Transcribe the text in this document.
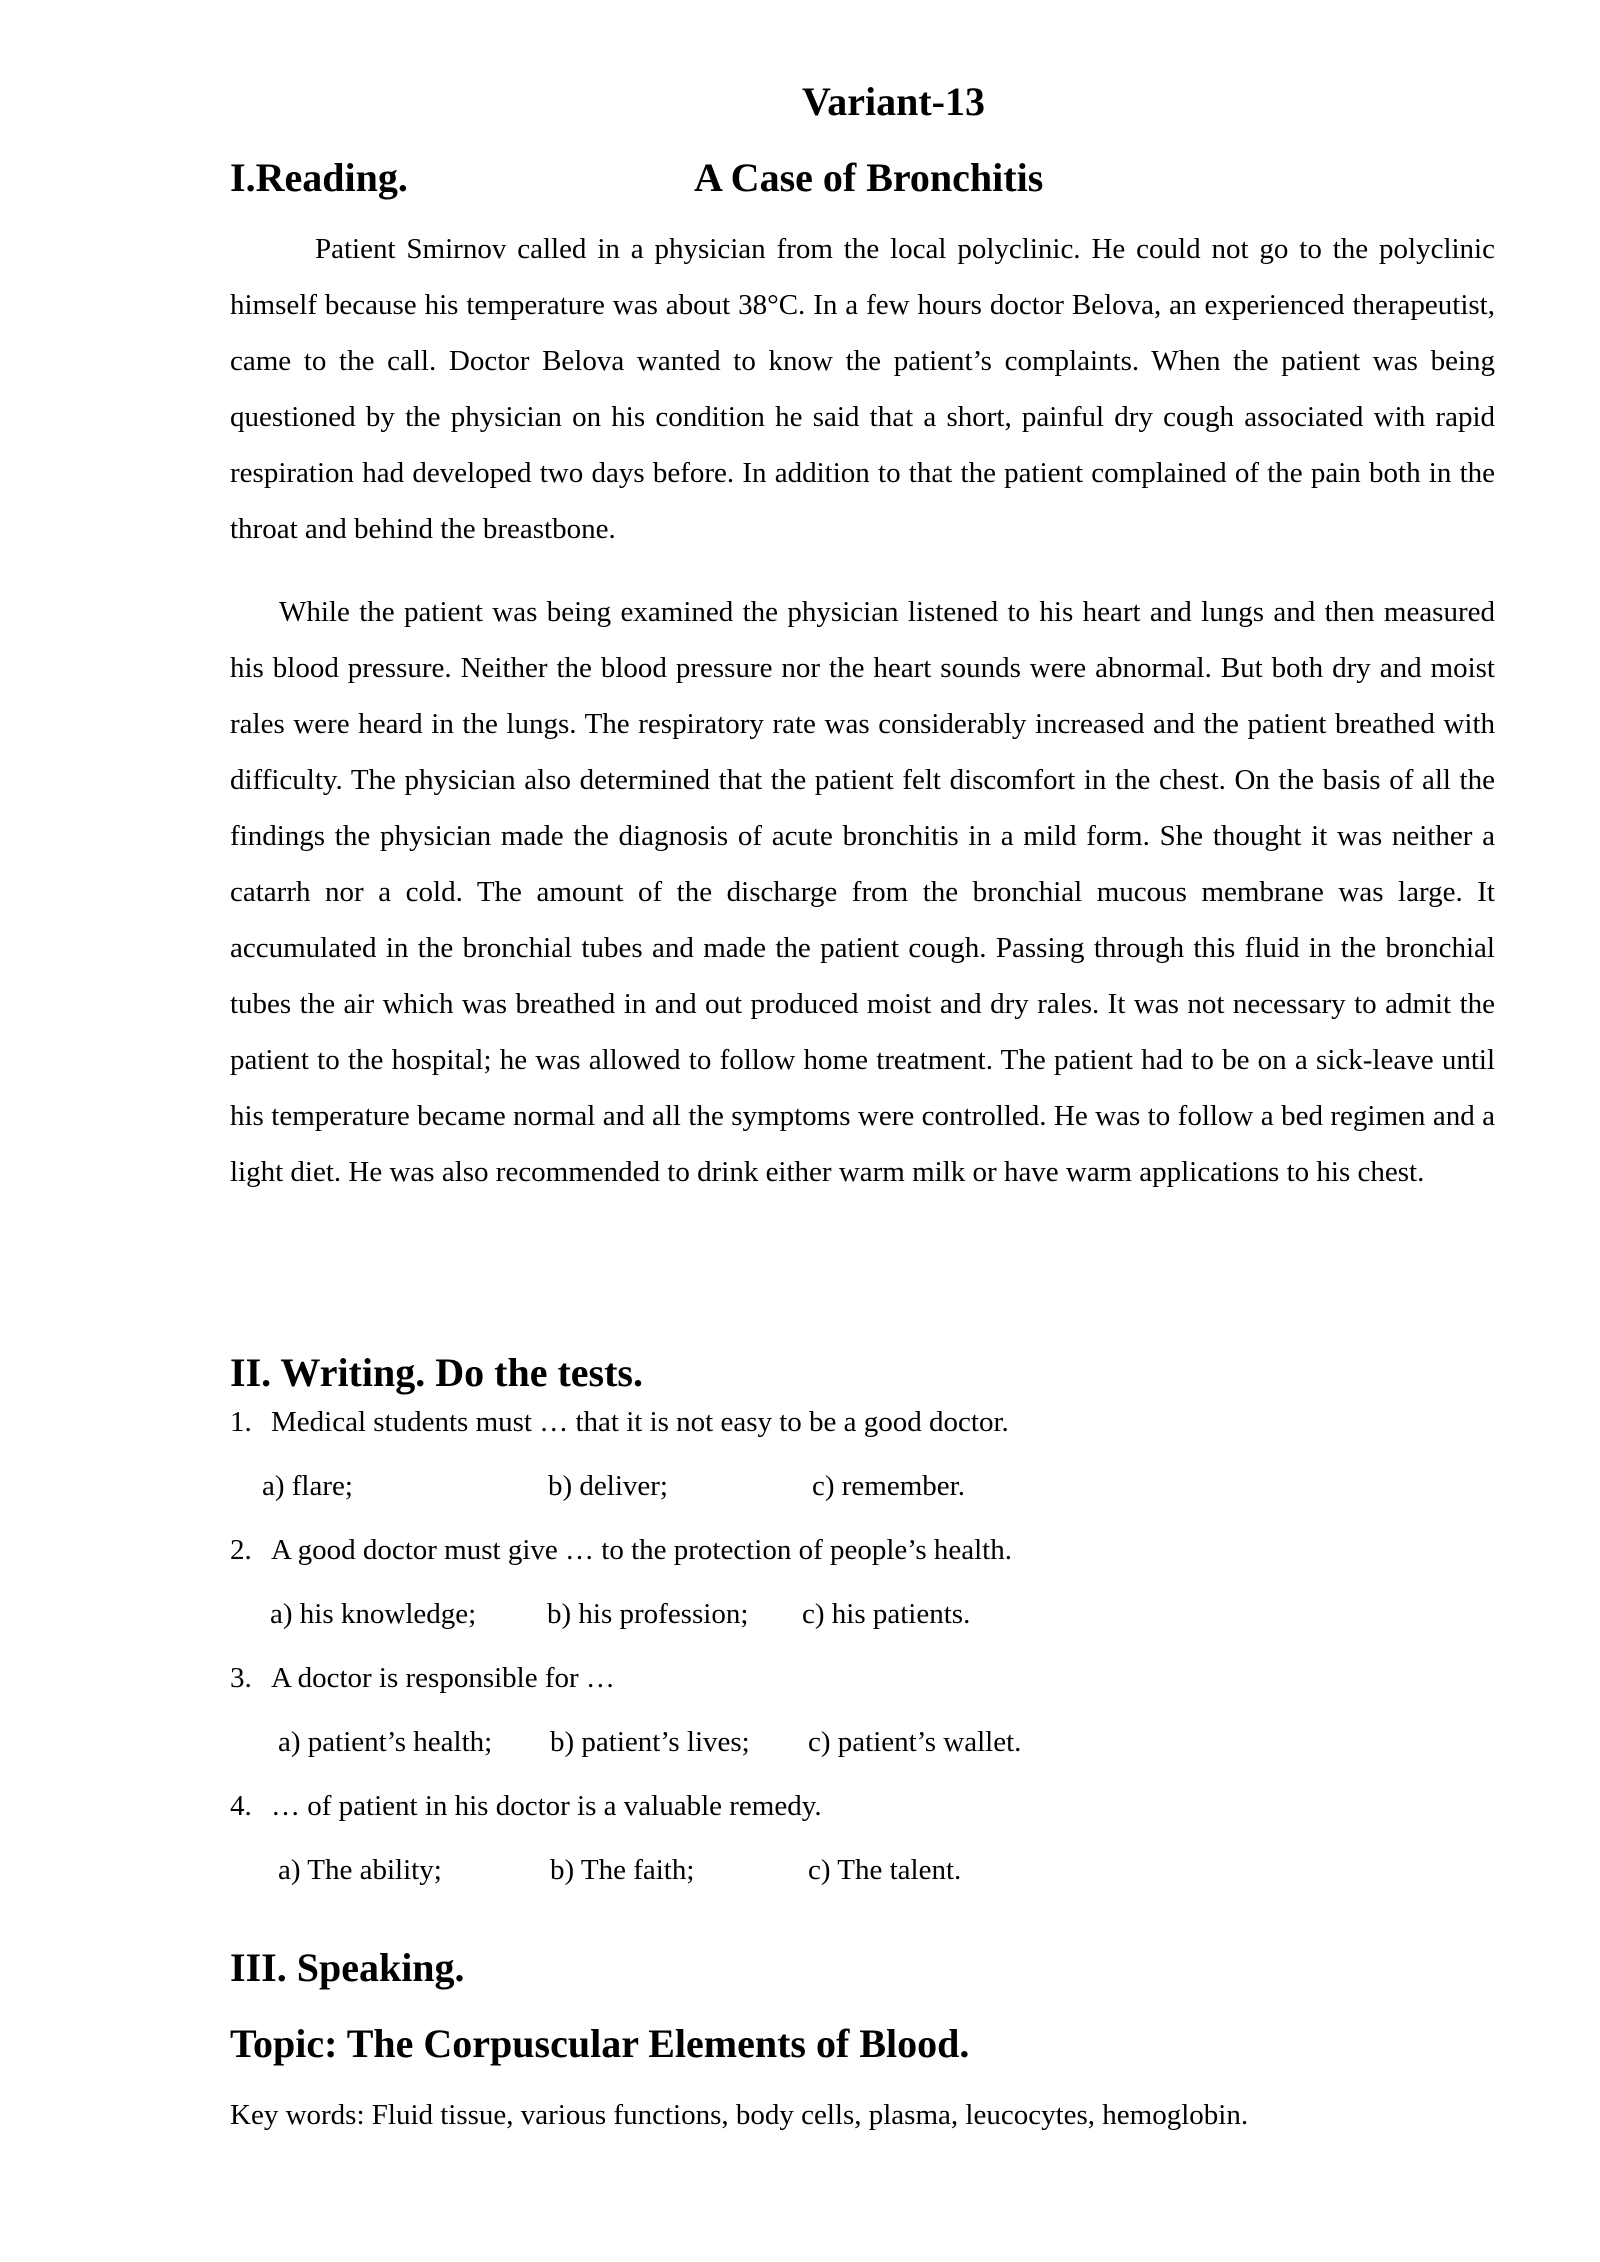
Variant-13
I.Reading.	A Case of Bronchitis

Patient Smirnov called in a physician from the local polyclinic. He could not go to the polyclinic himself because his temperature was about 38°C. In a few hours doctor Belova, an experienced therapeutist, came to the call. Doctor Belova wanted to know the patient’s complaints. When the patient was being questioned by the physician on his condition he said that a short, painful dry cough associated with rapid respiration had developed two days before. In addition to that the patient complained of the pain both in the throat and behind the breastbone.

While the patient was being examined the physician listened to his heart and lungs and then measured his blood pressure. Neither the blood pressure nor the heart sounds were abnormal. But both dry and moist rales were heard in the lungs. The respiratory rate was considerably increased and the patient breathed with difficulty. The physician also determined that the patient felt discomfort in the chest. On the basis of all the findings the physician made the diagnosis of acute bronchitis in a mild form. She thought it was neither a catarrh nor a cold. The amount of the discharge from the bronchial mucous membrane was large. It accumulated in the bronchial tubes and made the patient cough. Passing through this fluid in the bronchial tubes the air which was breathed in and out produced moist and dry rales. It was not necessary to admit the patient to the hospital; he was allowed to follow home treatment. The patient had to be on a sick-leave until his temperature became normal and all the symptoms were controlled. He was to follow a bed regimen and a light diet. He was also recommended to drink either warm milk or have warm applications to his chest.

II. Writing. Do the tests.
1. Medical students must … that it is not easy to be a good doctor.
a) flare;	b) deliver;	c) remember.
2. A good doctor must give … to the protection of people’s health.
a) his knowledge; b) his profession; c) his patients.
3. A doctor is responsible for …
a) patient’s health; b) patient’s lives; c) patient’s wallet.
4. … of patient in his doctor is a valuable remedy.
a) The ability;	b) The faith;	c) The talent.
III. Speaking.
Topic: The Corpuscular Elements of Blood.
Key words: Fluid tissue, various functions, body cells, plasma, leucocytes, hemoglobin.
